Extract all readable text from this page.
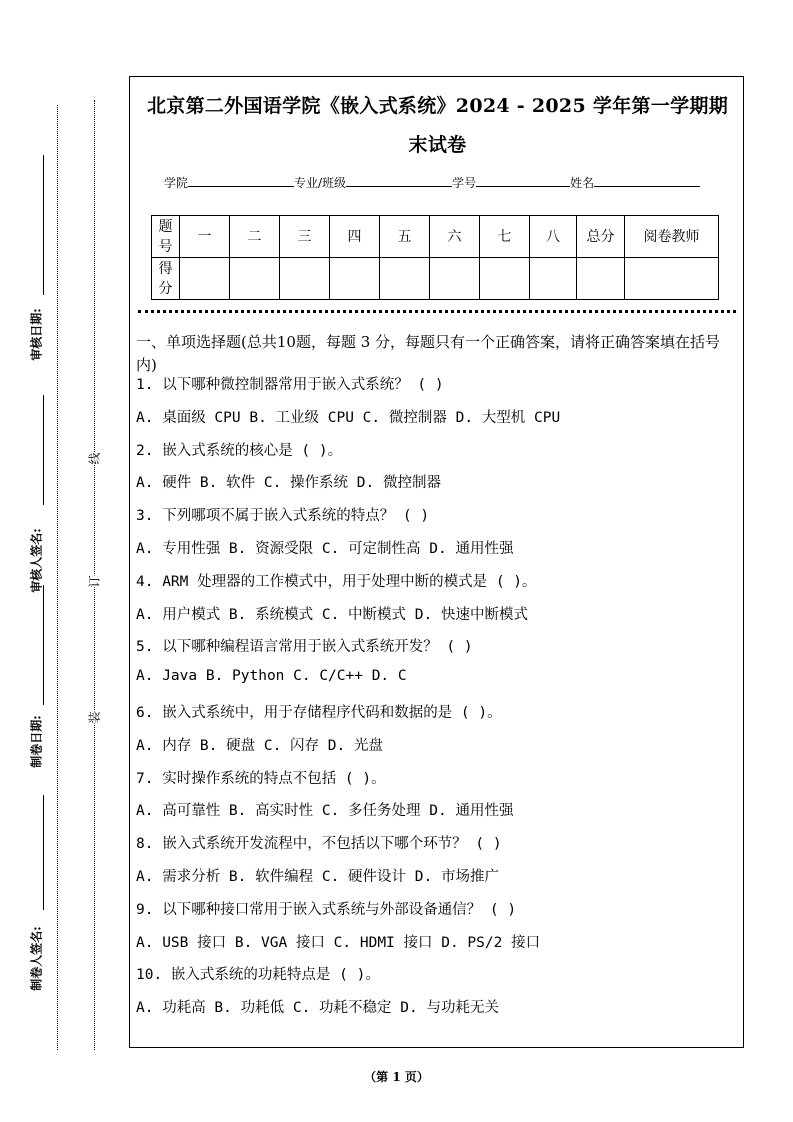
审核日期:
审核人签名:
制卷日期:
制卷人签名:
线
订
装
北京第二外国语学院《嵌入式系统》2024 - 2025 学年第一学期期
末试卷
学院	专业/班级	学号	姓名
题号	一	二	三	四	五	六	七	八	总分	阅卷教师
得分										
一、单项选择题(总共10题，每题 3 分，每题只有一个正确答案，请将正确答案填在括号内)
1. 以下哪种微控制器常用于嵌入式系统？ ( )
A. 桌面级 CPU B. 工业级 CPU C. 微控制器 D. 大型机 CPU
2. 嵌入式系统的核心是 ( )。
A. 硬件 B. 软件 C. 操作系统 D. 微控制器
3. 下列哪项不属于嵌入式系统的特点？ ( )
A. 专用性强 B. 资源受限 C. 可定制性高 D. 通用性强
4. ARM 处理器的工作模式中，用于处理中断的模式是 ( )。
A. 用户模式 B. 系统模式 C. 中断模式 D. 快速中断模式
5. 以下哪种编程语言常用于嵌入式系统开发？ ( )
A. Java B. Python C. C/C++ D. C
6. 嵌入式系统中，用于存储程序代码和数据的是 ( )。
A. 内存 B. 硬盘 C. 闪存 D. 光盘
7. 实时操作系统的特点不包括 ( )。
A. 高可靠性 B. 高实时性 C. 多任务处理 D. 通用性强
8. 嵌入式系统开发流程中，不包括以下哪个环节？ ( )
A. 需求分析 B. 软件编程 C. 硬件设计 D. 市场推广
9. 以下哪种接口常用于嵌入式系统与外部设备通信？ ( )
A. USB 接口 B. VGA 接口 C. HDMI 接口 D. PS/2 接口
10. 嵌入式系统的功耗特点是 ( )。
A. 功耗高 B. 功耗低 C. 功耗不稳定 D. 与功耗无关
（第 1 页）
